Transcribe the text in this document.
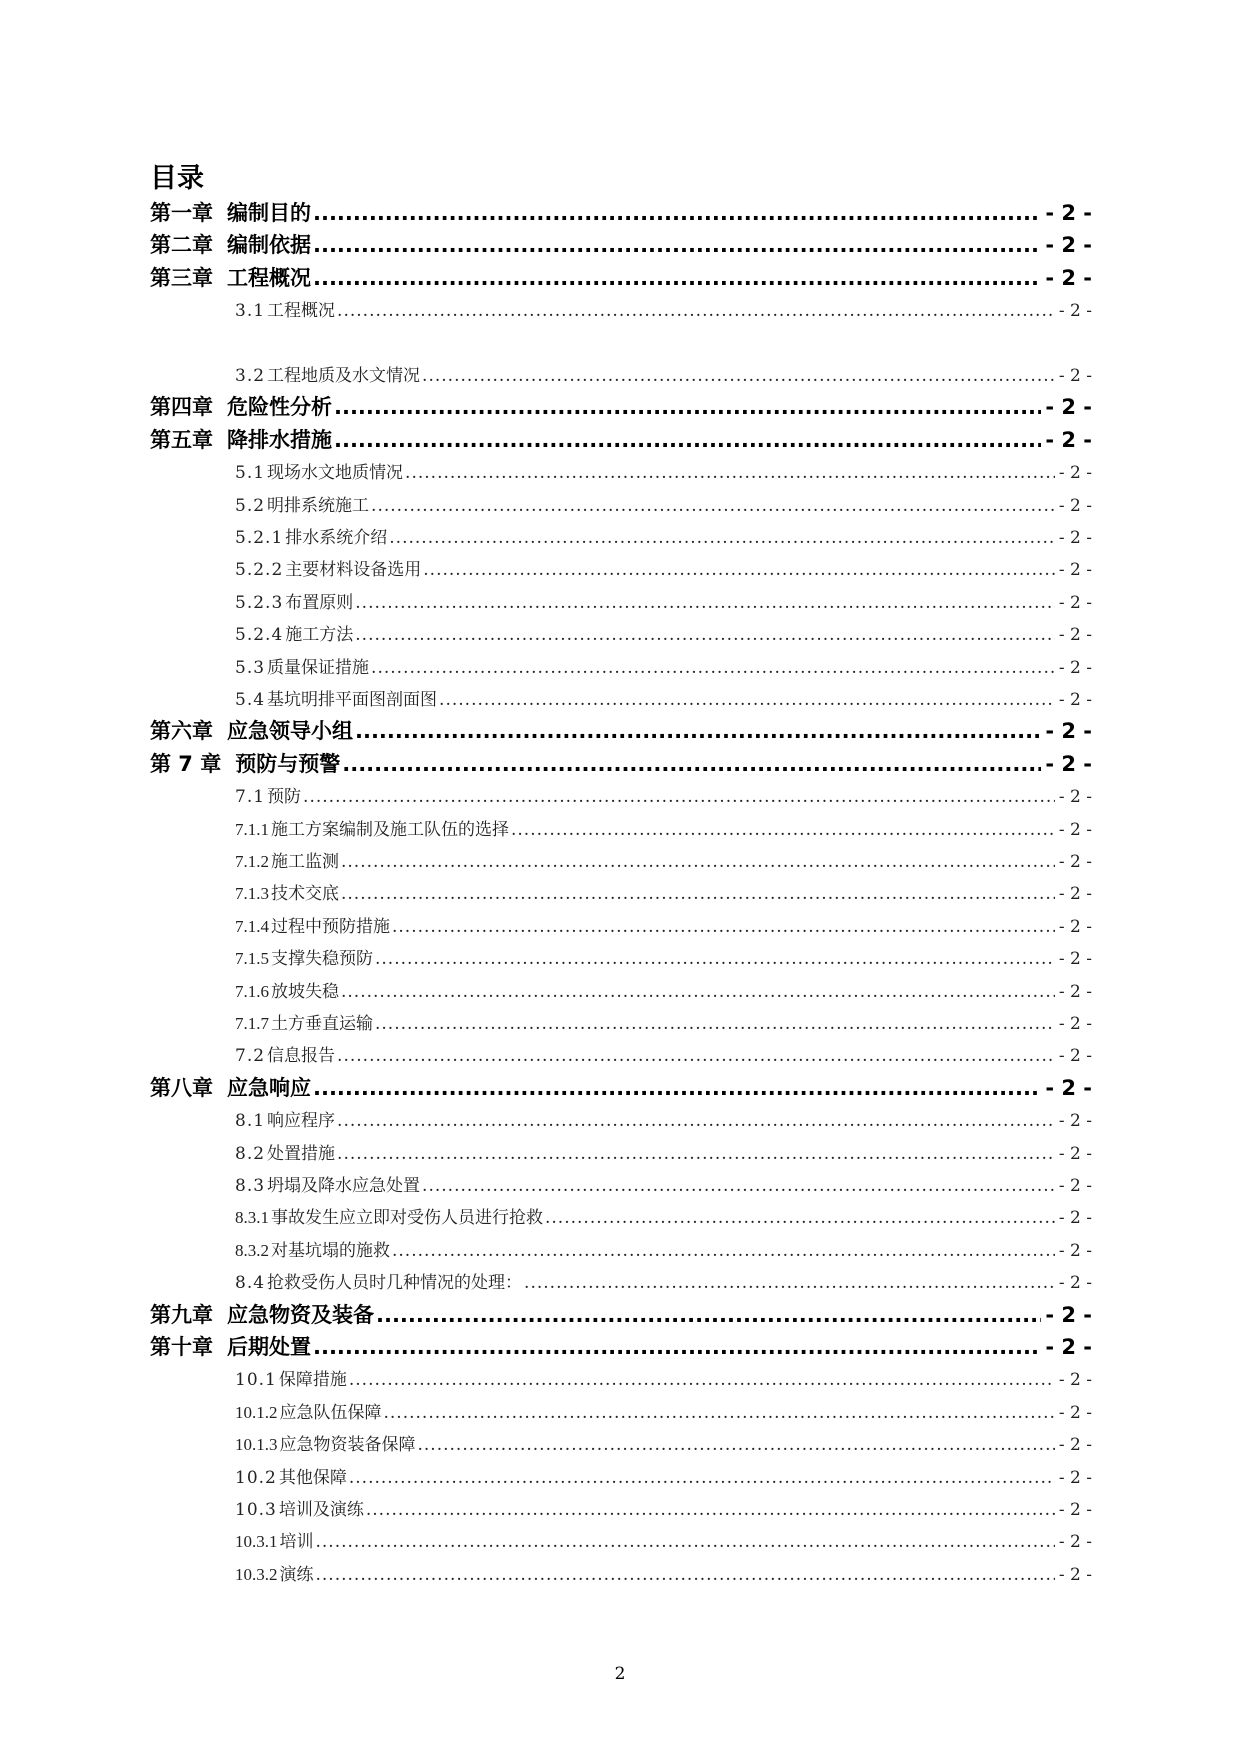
目录
第一章 编制目的 .....	- 2 -
第二章 编制依据 .....	- 2 -
第三章 工程概况 .....	- 2 -
3.1 工程概况 .....	- 2 -
3.2 工程地质及水文情况 .....	- 2 -
第四章 危险性分析 .....	- 2 -
第五章 降排水措施 .....	- 2 -
5.1 现场水文地质情况 .....	- 2 -
5.2 明排系统施工 .....	- 2 -
5.2.1 排水系统介绍 .....	- 2 -
5.2.2 主要材料设备选用 .....	- 2 -
5.2.3 布置原则 .....	- 2 -
5.2.4 施工方法 .....	- 2 -
5.3 质量保证措施 .....	- 2 -
5.4 基坑明排平面图剖面图 .....	- 2 -
第六章 应急领导小组 .....	- 2 -
第 7 章 预防与预警 .....	- 2 -
7.1 预防 .....	- 2 -
7.1.1 施工方案编制及施工队伍的选择 .....	- 2 -
7.1.2 施工监测 .....	- 2 -
7.1.3 技术交底 .....	- 2 -
7.1.4 过程中预防措施 .....	- 2 -
7.1.5 支撑失稳预防 .....	- 2 -
7.1.6 放坡失稳 .....	- 2 -
7.1.7 土方垂直运输 .....	- 2 -
7.2 信息报告 .....	- 2 -
第八章 应急响应 .....	- 2 -
8.1 响应程序 .....	- 2 -
8.2 处置措施 .....	- 2 -
8.3 坍塌及降水应急处置 .....	- 2 -
8.3.1 事故发生应立即对受伤人员进行抢救 .....	- 2 -
8.3.2 对基坑塌的施救 .....	- 2 -
8.4 抢救受伤人员时几种情况的处理： .....	- 2 -
第九章 应急物资及装备 .....	- 2 -
第十章 后期处置 .....	- 2 -
10.1 保障措施 .....	- 2 -
10.1.2 应急队伍保障 .....	- 2 -
10.1.3 应急物资装备保障 .....	- 2 -
10.2 其他保障 .....	- 2 -
10.3 培训及演练 .....	- 2 -
10.3.1 培训 .....	- 2 -
10.3.2 演练 .....	- 2 -
2
